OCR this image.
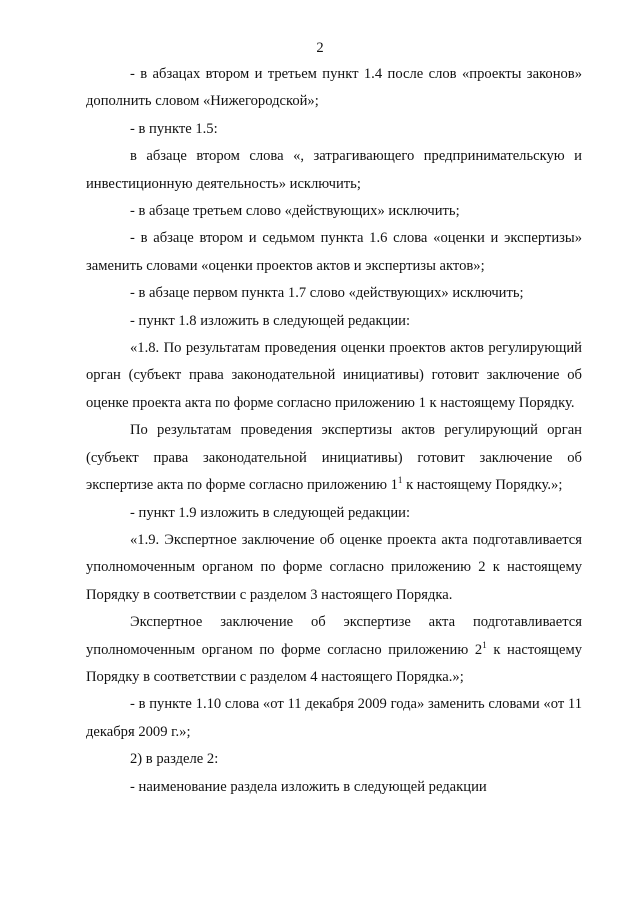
2

- в абзацах втором и третьем пункт 1.4 после слов «проекты законов» дополнить словом «Нижегородской»;

- в пункте 1.5:

в абзаце втором слова «, затрагивающего предпринимательскую и инвестиционную деятельность» исключить;

- в абзаце третьем слово «действующих» исключить;

- в абзаце втором и седьмом пункта 1.6 слова «оценки и экспертизы» заменить словами «оценки проектов актов и экспертизы актов»;

- в абзаце первом пункта 1.7 слово «действующих» исключить;

- пункт 1.8 изложить в следующей редакции:

«1.8. По результатам проведения оценки проектов актов регулирующий орган (субъект права законодательной инициативы) готовит заключение об оценке проекта акта по форме согласно приложению 1 к настоящему Порядку.

По результатам проведения экспертизы актов регулирующий орган (субъект права законодательной инициативы) готовит заключение об экспертизе акта по форме согласно приложению $1^1$ к настоящему Порядку.»;

- пункт 1.9 изложить в следующей редакции:

«1.9. Экспертное заключение об оценке проекта акта подготавливается уполномоченным органом по форме согласно приложению 2 к настоящему Порядку в соответствии с разделом 3 настоящего Порядка.

Экспертное заключение об экспертизе акта подготавливается уполномоченным органом по форме согласно приложению $2^1$ к настоящему Порядку в соответствии с разделом 4 настоящего Порядка.»;

- в пункте 1.10 слова «от 11 декабря 2009 года» заменить словами «от 11 декабря 2009 г.»;

2) в разделе 2:

- наименование раздела изложить в следующей редакции
